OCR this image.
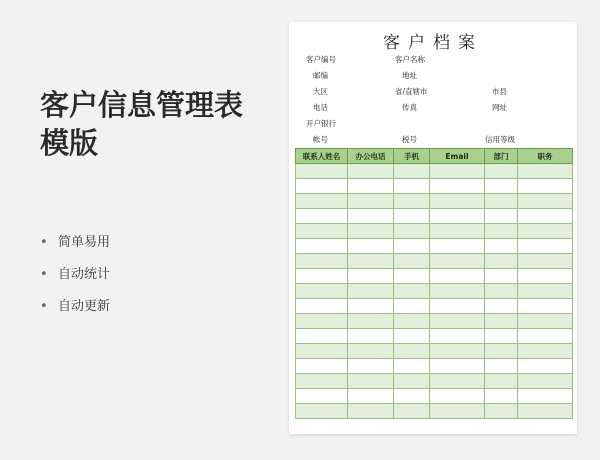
客户信息管理表
模版
• 简单易用
• 自动统计
• 自动更新
客户档案
客户编号	客户名称
邮编	地址
大区	省/直辖市	市县
电话	传真	网址
开户银行
帐号	税号	信用等级
联系人姓名	办公电话	手机	Email	部门	职务
